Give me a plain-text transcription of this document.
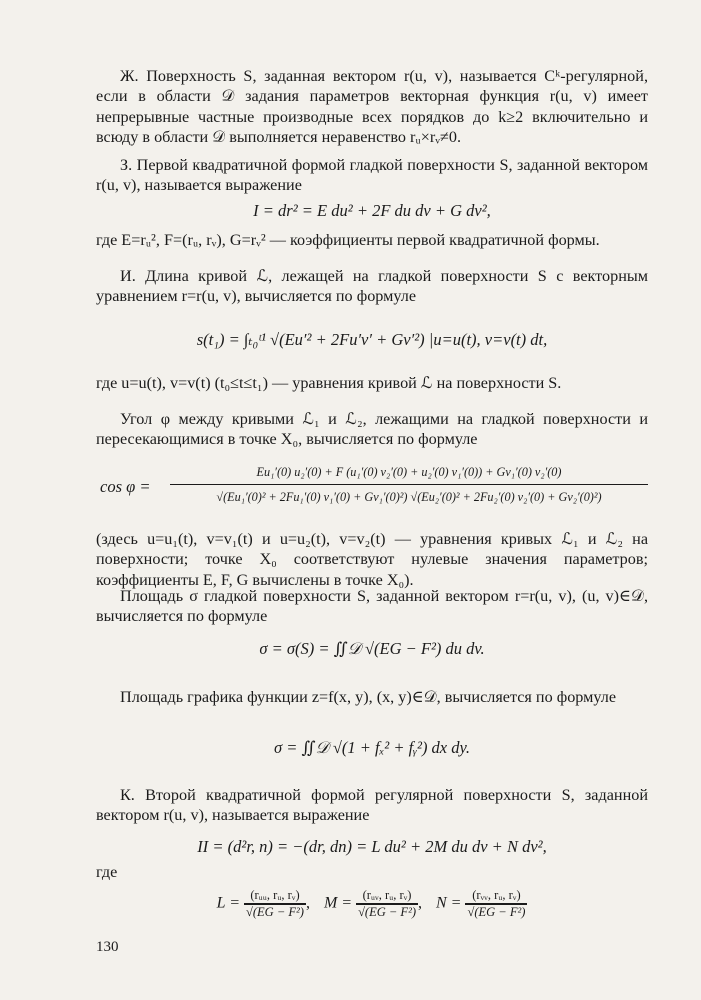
Ж. Поверхность S, заданная вектором r(u, v), называется Cᵏ-регулярной, если в области 𝒟 задания параметров векторная функция r(u, v) имеет непрерывные частные производные всех порядков до k≥2 включительно и всюду в области 𝒟 выполняется неравенство rᵤ×rᵥ≠0.

З. Первой квадратичной формой гладкой поверхности S, заданной вектором r(u, v), называется выражение

I = dr² = E du² + 2F du dv + G dv²,

где E=rᵤ², F=(rᵤ, rᵥ), G=rᵥ² — коэффициенты первой квадратичной формы.

И. Длина кривой ℒ, лежащей на гладкой поверхности S с векторным уравнением r=r(u, v), вычисляется по формуле

s(t₁) = ∫ₜ₀ᵗ¹ √(Eu′² + 2Fu′v′ + Gv′²) |u=u(t), v=v(t) dt,

где u=u(t), v=v(t) (t₀≤t≤t₁) — уравнения кривой ℒ на поверхности S.

Угол φ между кривыми ℒ₁ и ℒ₂, лежащими на гладкой поверхности и пересекающимися в точке X₀, вычисляется по формуле

cos φ =
Eu₁′(0) u₂′(0) + F (u₁′(0) v₂′(0) + u₂′(0) v₁′(0)) + Gv₁′(0) v₂′(0)
√(Eu₁′(0)² + 2Fu₁′(0) v₁′(0) + Gv₁′(0)²) √(Eu₂′(0)² + 2Fu₂′(0) v₂′(0) + Gv₂′(0)²)

(здесь u=u₁(t), v=v₁(t) и u=u₂(t), v=v₂(t) — уравнения кривых ℒ₁ и ℒ₂ на поверхности; точке X₀ соответствуют нулевые значения параметров; коэффициенты E, F, G вычислены в точке X₀).

Площадь σ гладкой поверхности S, заданной вектором r=r(u, v), (u, v)∈𝒟, вычисляется по формуле

σ = σ(S) = ∬𝒟 √(EG − F²) du dv.

Площадь графика функции z=f(x, y), (x, y)∈𝒟, вычисляется по формуле

σ = ∬𝒟 √(1 + fₓ² + fᵧ²) dx dy.

К. Второй квадратичной формой регулярной поверхности S, заданной вектором r(u, v), называется выражение

II = (d²r, n) = −(dr, dn) = L du² + 2M du dv + N dv²,

где

$L = \frac{\text{(rᵤᵤ, rᵤ, rᵥ)}}{\text{√(EG − F²)}}$ , $M = \frac{\text{(rᵤᵥ, rᵤ, rᵥ)}}{\text{√(EG − F²)}}$ , $N = \frac{\text{(rᵥᵥ, rᵤ, rᵥ)}}{\text{√(EG − F²)}}$
130
